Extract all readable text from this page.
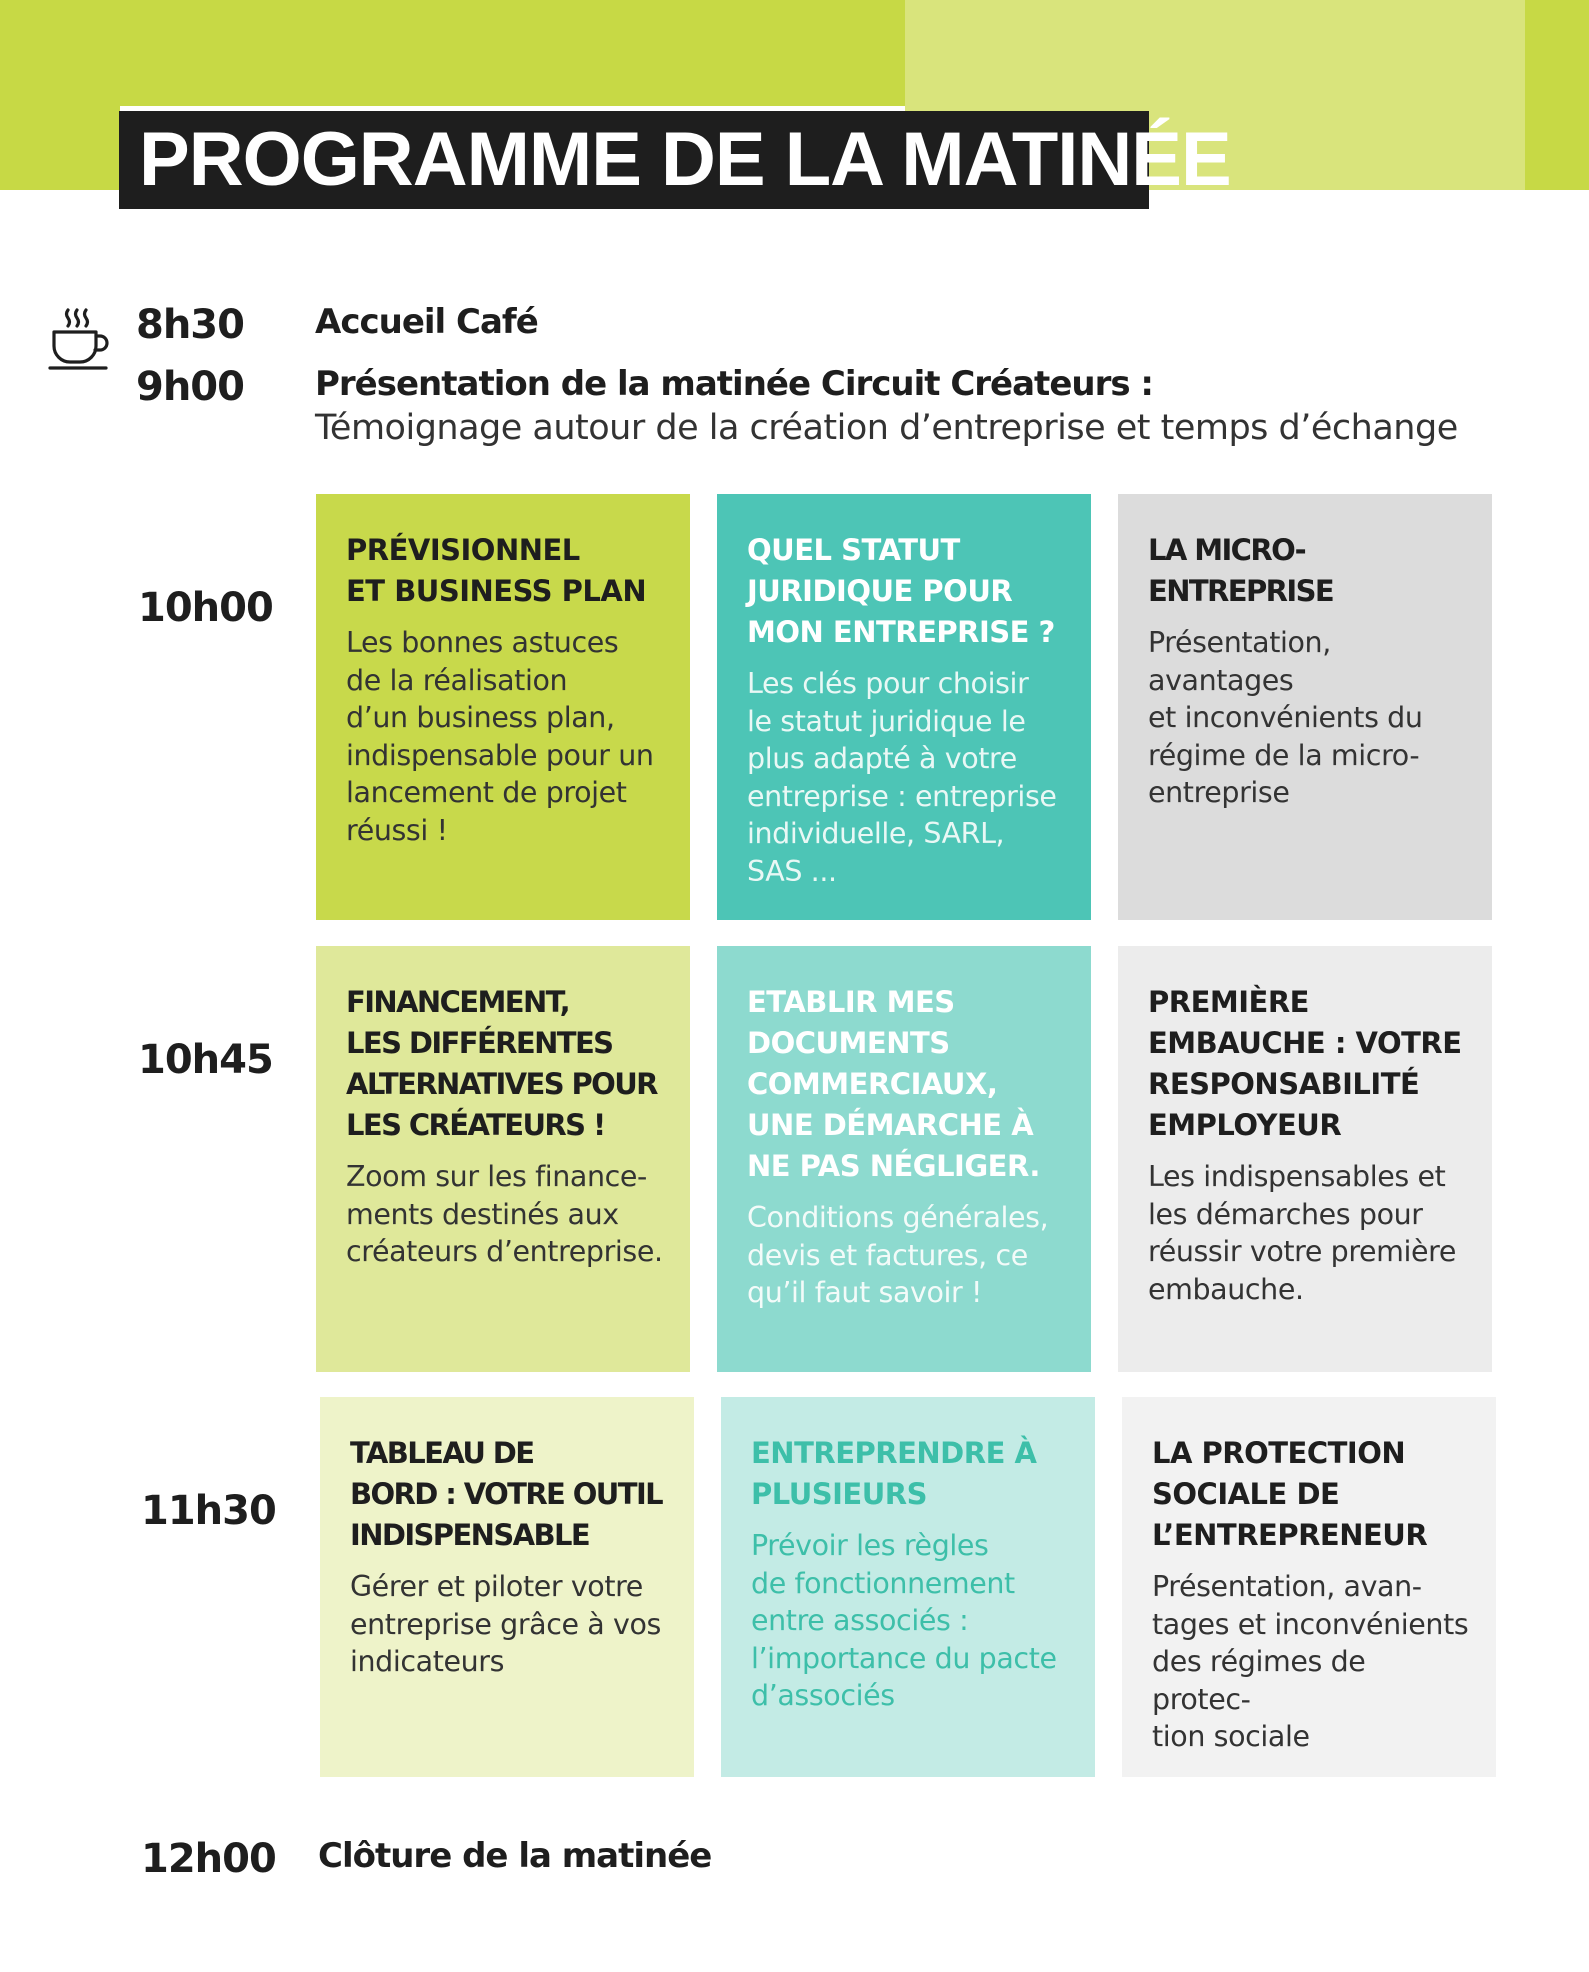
PROGRAMME DE LA MATINÉE
8h30 Accueil Café
9h00 Présentation de la matinée Circuit Créateurs :
Témoignage autour de la création d’entreprise et temps d’échange
10h00
10h45
11h30
PRÉVISIONNEL
ET BUSINESS PLAN
Les bonnes astuces
de la réalisation
d’un business plan,
indispensable pour un
lancement de projet
réussi !
QUEL STATUT
JURIDIQUE POUR
MON ENTREPRISE ?
Les clés pour choisir
le statut juridique le
plus adapté à votre
entreprise : entreprise
individuelle, SARL,
SAS ...
LA MICRO-ENTREPRISE
Présentation, avantages
et inconvénients du
régime de la micro-
entreprise
FINANCEMENT,
LES DIFFÉRENTES
ALTERNATIVES POUR
LES CRÉATEURS !
Zoom sur les finance-
ments destinés aux
créateurs d’entreprise.
ETABLIR MES
DOCUMENTS
COMMERCIAUX,
UNE DÉMARCHE À
NE PAS NÉGLIGER.
Conditions générales,
devis et factures, ce
qu’il faut savoir !
PREMIÈRE
EMBAUCHE : VOTRE
RESPONSABILITÉ
EMPLOYEUR
Les indispensables et
les démarches pour
réussir votre première
embauche.
TABLEAU DE
BORD : VOTRE OUTIL
INDISPENSABLE
Gérer et piloter votre
entreprise grâce à vos
indicateurs
ENTREPRENDRE À
PLUSIEURS
Prévoir les règles
de fonctionnement
entre associés :
l’importance du pacte
d’associés
LA PROTECTION
SOCIALE DE
L’ENTREPRENEUR
Présentation, avan-
tages et inconvénients
des régimes de protec-
tion sociale
12h00 Clôture de la matinée
